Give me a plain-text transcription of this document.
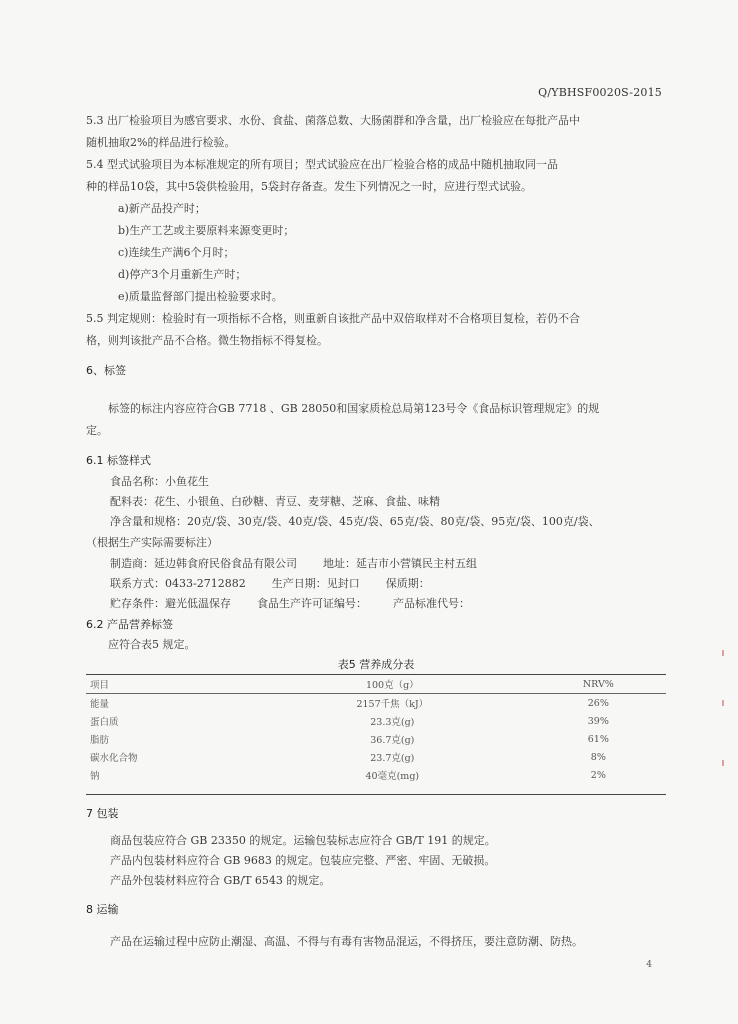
Q/YBHSF0020S-2015

5.3 出厂检验项目为感官要求、水份、食盐、菌落总数、大肠菌群和净含量，出厂检验应在每批产品中

随机抽取2%的样品进行检验。

5.4 型式试验项目为本标准规定的所有项目；型式试验应在出厂检验合格的成品中随机抽取同一品

种的样品10袋，其中5袋供检验用，5袋封存备查。发生下列情况之一时，应进行型式试验。

a)新产品投产时；

b)生产工艺或主要原料来源变更时；

c)连续生产满6个月时；

d)停产3个月重新生产时；

e)质量监督部门提出检验要求时。

5.5 判定规则：检验时有一项指标不合格，则重新自该批产品中双倍取样对不合格项目复检，若仍不合

格，则判该批产品不合格。微生物指标不得复检。

6、标签

标签的标注内容应符合GB 7718 、GB 28050和国家质检总局第123号令《食品标识管理规定》的规

定。

6.1 标签样式

食品名称：小鱼花生

配料表：花生、小银鱼、白砂糖、青豆、麦芽糖、芝麻、食盐、味精

净含量和规格：20克/袋、30克/袋、40克/袋、45克/袋、65克/袋、80克/袋、95克/袋、100克/袋、

（根据生产实际需要标注）

制造商：延边韩食府民俗食品有限公司 地址：延吉市小营镇民主村五组

联系方式：0433-2712882 生产日期：见封口 保质期：

贮存条件：避光低温保存 食品生产许可证编号： 产品标准代号：

6.2 产品营养标签

应符合表5 规定。

表5 营养成分表

项目	100克（g）	NRV%
能量	2157千焦（kJ）	26%
蛋白质	23.3克(g)	39%
脂肪	36.7克(g)	61%
碳水化合物	23.7克(g)	8%
钠	40毫克(mg)	2%

7 包装

商品包装应符合 GB 23350 的规定。运输包装标志应符合 GB/T 191 的规定。

产品内包装材料应符合 GB 9683 的规定。包装应完整、严密、牢固、无破损。

产品外包装材料应符合 GB/T 6543 的规定。

8 运输

产品在运输过程中应防止潮湿、高温、不得与有毒有害物品混运，不得挤压，要注意防潮、防热。

4
